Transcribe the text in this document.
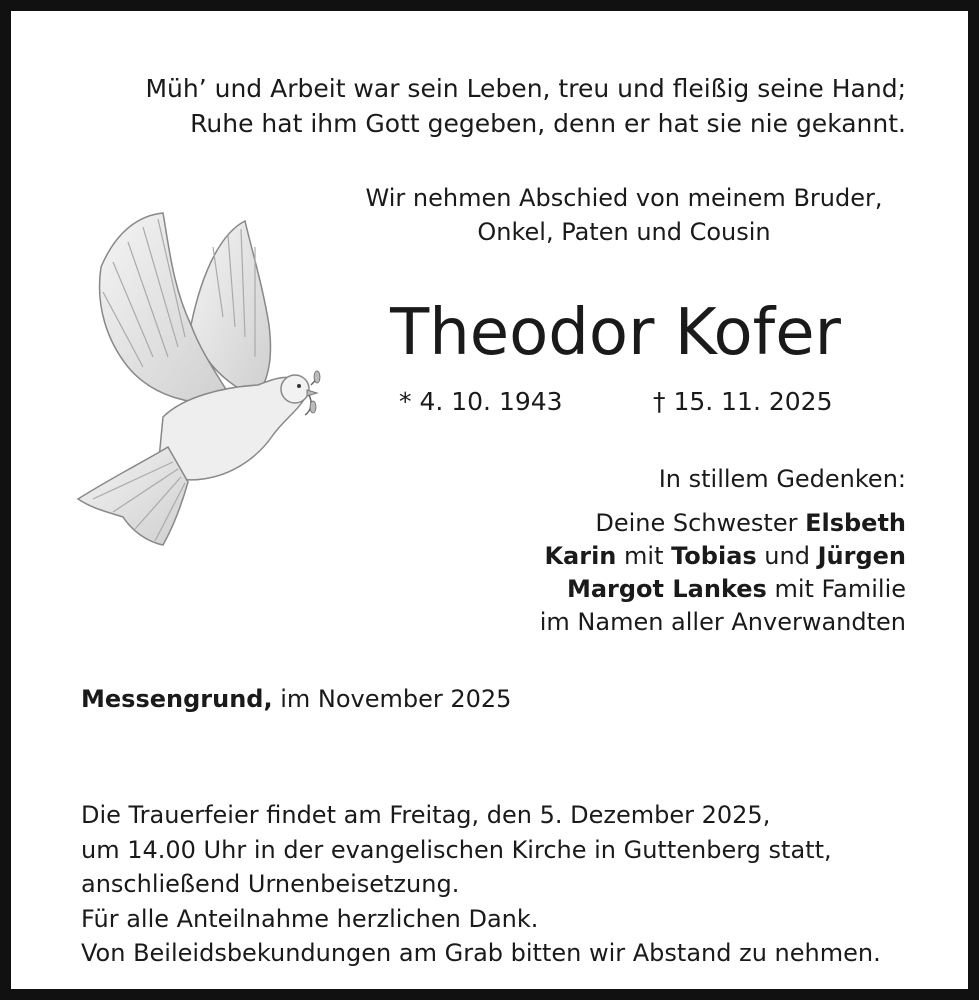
Müh’ und Arbeit war sein Leben, treu und fleißig seine Hand;
Ruhe hat ihm Gott gegeben, denn er hat sie nie gekannt.
Wir nehmen Abschied von meinem Bruder,
Onkel, Paten und Cousin
Theodor Kofer
* 4. 10. 1943	† 15. 11. 2025
In stillem Gedenken:
Deine Schwester Elsbeth
Karin mit Tobias und Jürgen
Margot Lankes mit Familie
im Namen aller Anverwandten
Messengrund, im November 2025
Die Trauerfeier findet am Freitag, den 5. Dezember 2025,
um 14.00 Uhr in der evangelischen Kirche in Guttenberg statt,
anschließend Urnenbeisetzung.
Für alle Anteilnahme herzlichen Dank.
Von Beileidsbekundungen am Grab bitten wir Abstand zu nehmen.
